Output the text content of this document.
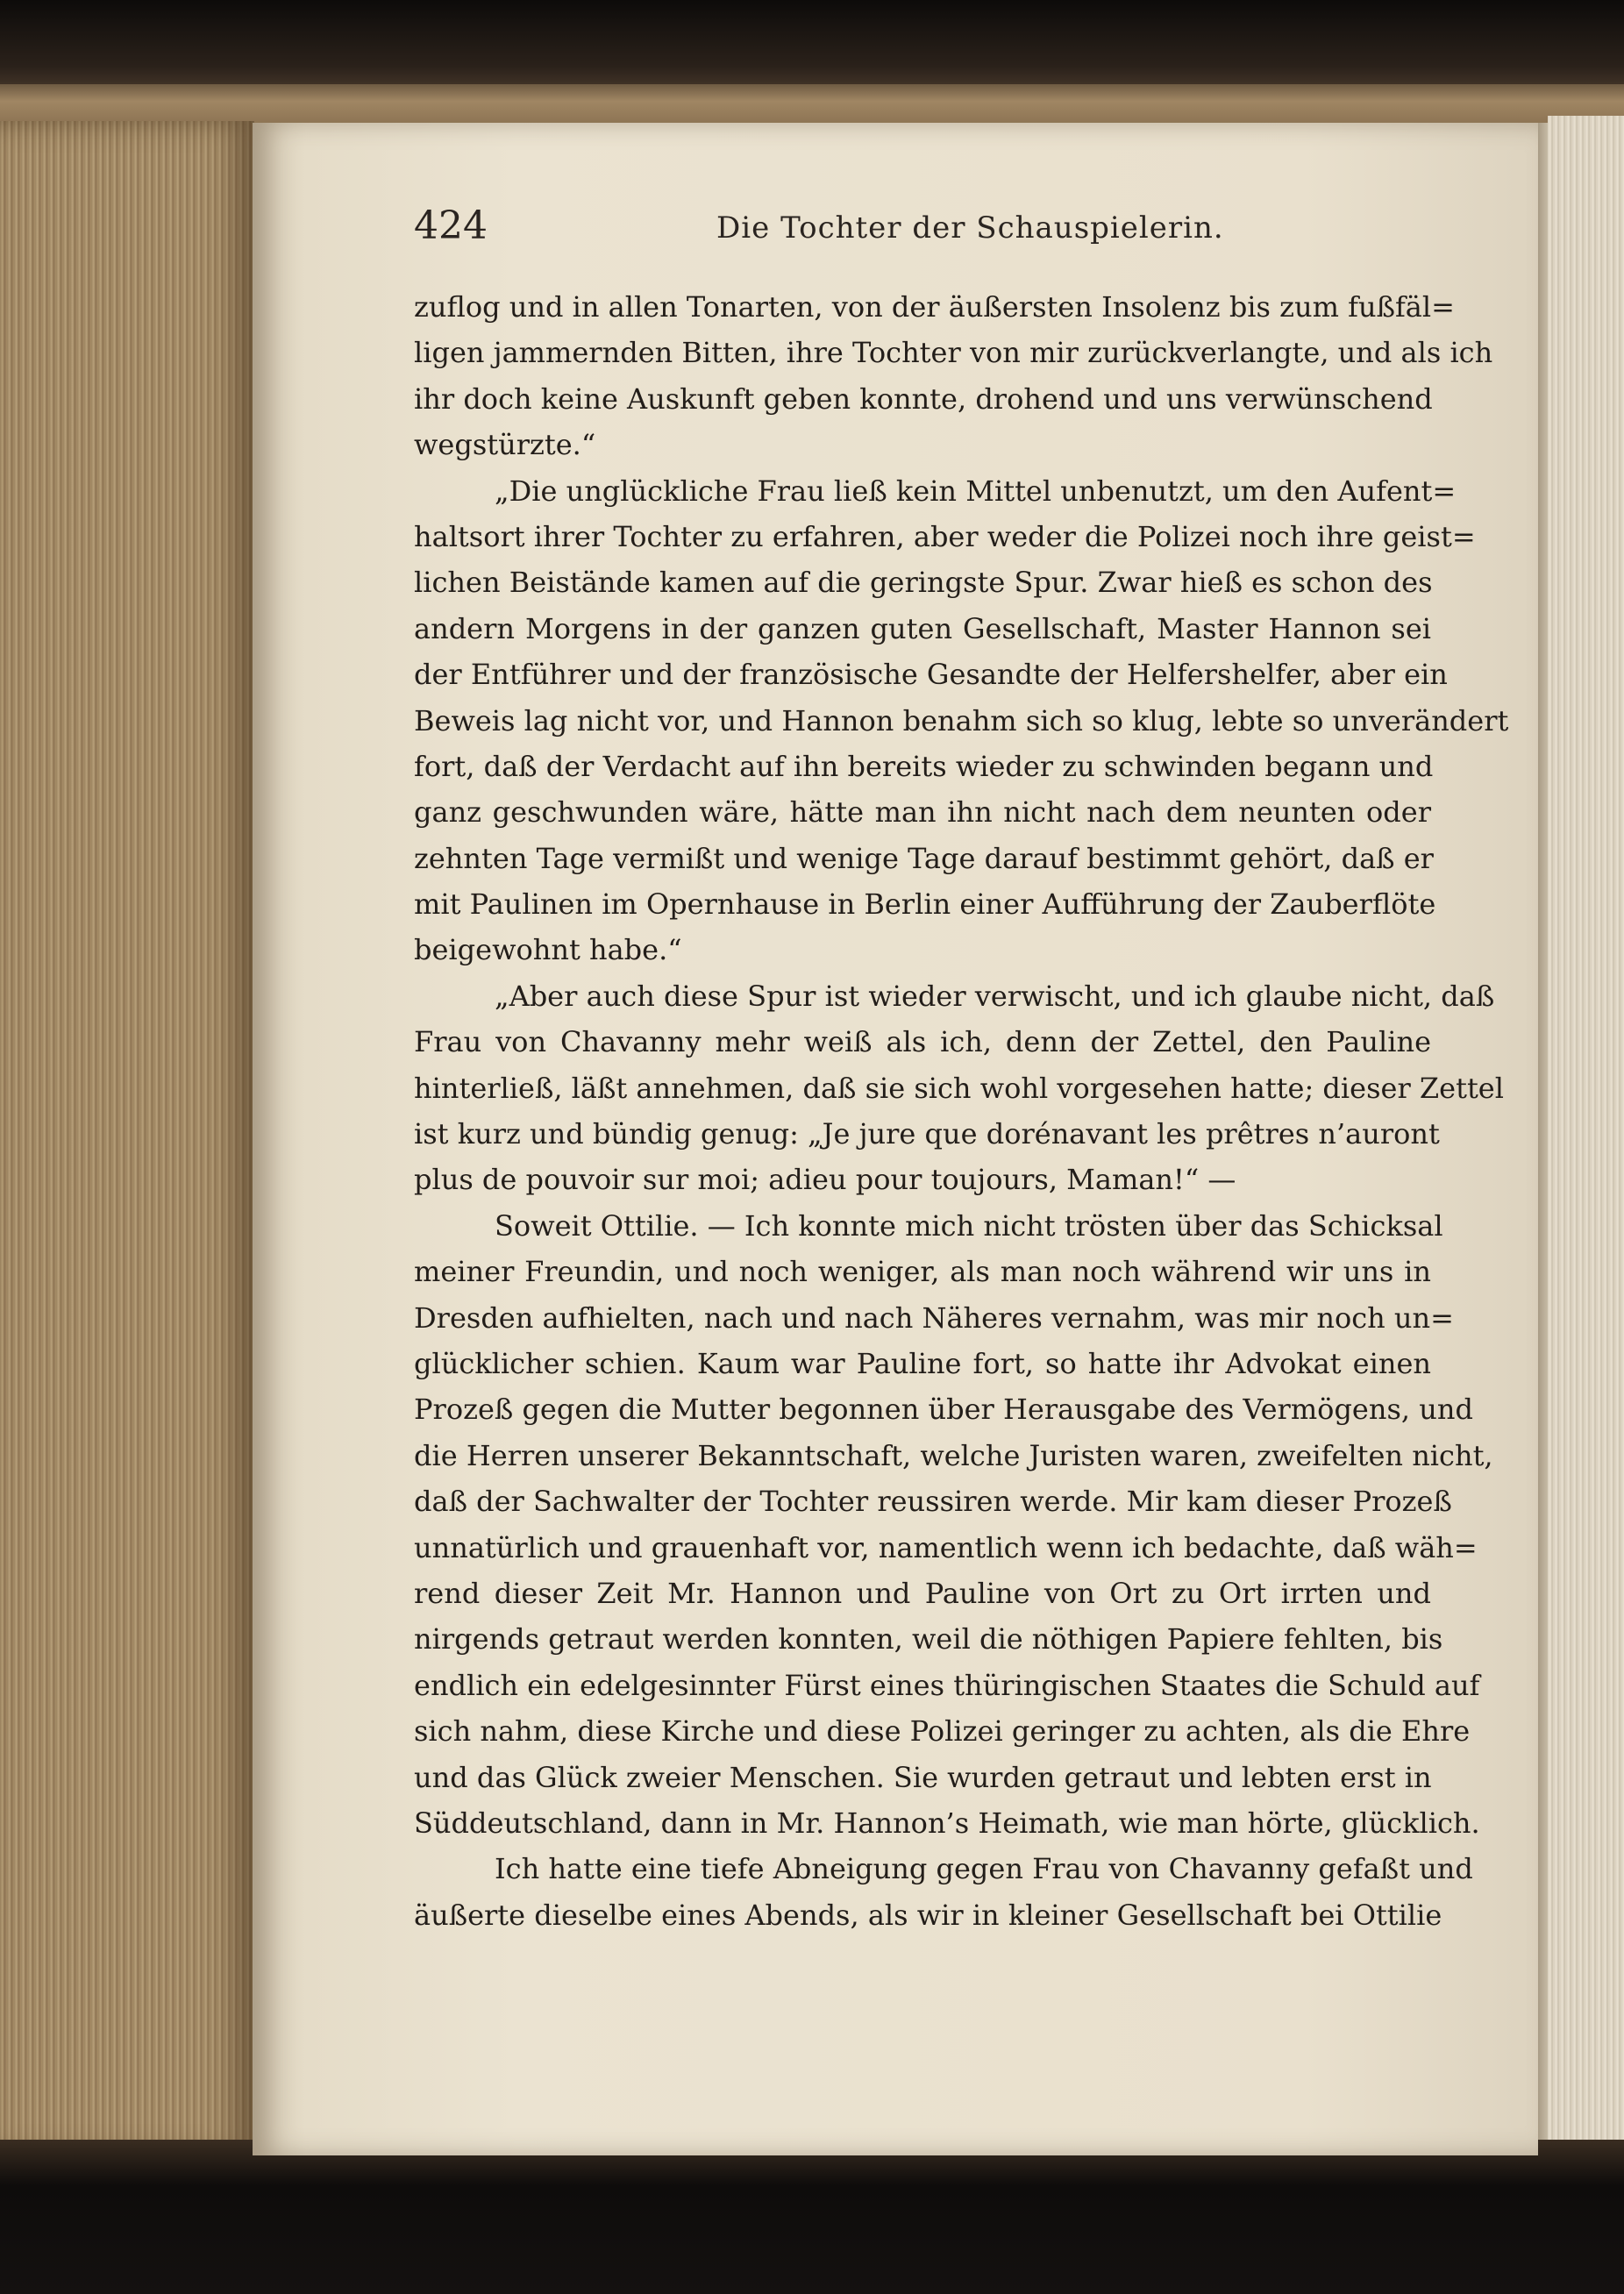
424	Die Tochter der Schauspielerin.
zuflog und in allen Tonarten, von der äußersten Insolenz bis zum fußfäl=
ligen jammernden Bitten, ihre Tochter von mir zurückverlangte, und als ich
ihr doch keine Auskunft geben konnte, drohend und uns verwünschend
wegstürzte.“
„Die unglückliche Frau ließ kein Mittel unbenutzt, um den Aufent=
haltsort ihrer Tochter zu erfahren, aber weder die Polizei noch ihre geist=
lichen Beistände kamen auf die geringste Spur. Zwar hieß es schon des
andern Morgens in der ganzen guten Gesellschaft, Master Hannon sei
der Entführer und der französische Gesandte der Helfershelfer, aber ein
Beweis lag nicht vor, und Hannon benahm sich so klug, lebte so unverändert
fort, daß der Verdacht auf ihn bereits wieder zu schwinden begann und
ganz geschwunden wäre, hätte man ihn nicht nach dem neunten oder
zehnten Tage vermißt und wenige Tage darauf bestimmt gehört, daß er
mit Paulinen im Opernhause in Berlin einer Aufführung der Zauberflöte
beigewohnt habe.“
„Aber auch diese Spur ist wieder verwischt, und ich glaube nicht, daß
Frau von Chavanny mehr weiß als ich, denn der Zettel, den Pauline
hinterließ, läßt annehmen, daß sie sich wohl vorgesehen hatte; dieser Zettel
ist kurz und bündig genug: „Je jure que dorénavant les prêtres n’auront
plus de pouvoir sur moi; adieu pour toujours, Maman!“ —
Soweit Ottilie. — Ich konnte mich nicht trösten über das Schicksal
meiner Freundin, und noch weniger, als man noch während wir uns in
Dresden aufhielten, nach und nach Näheres vernahm, was mir noch un=
glücklicher schien. Kaum war Pauline fort, so hatte ihr Advokat einen
Prozeß gegen die Mutter begonnen über Herausgabe des Vermögens, und
die Herren unserer Bekanntschaft, welche Juristen waren, zweifelten nicht,
daß der Sachwalter der Tochter reussiren werde. Mir kam dieser Prozeß
unnatürlich und grauenhaft vor, namentlich wenn ich bedachte, daß wäh=
rend dieser Zeit Mr. Hannon und Pauline von Ort zu Ort irrten und
nirgends getraut werden konnten, weil die nöthigen Papiere fehlten, bis
endlich ein edelgesinnter Fürst eines thüringischen Staates die Schuld auf
sich nahm, diese Kirche und diese Polizei geringer zu achten, als die Ehre
und das Glück zweier Menschen. Sie wurden getraut und lebten erst in
Süddeutschland, dann in Mr. Hannon’s Heimath, wie man hörte, glücklich.
Ich hatte eine tiefe Abneigung gegen Frau von Chavanny gefaßt und
äußerte dieselbe eines Abends, als wir in kleiner Gesellschaft bei Ottilie
